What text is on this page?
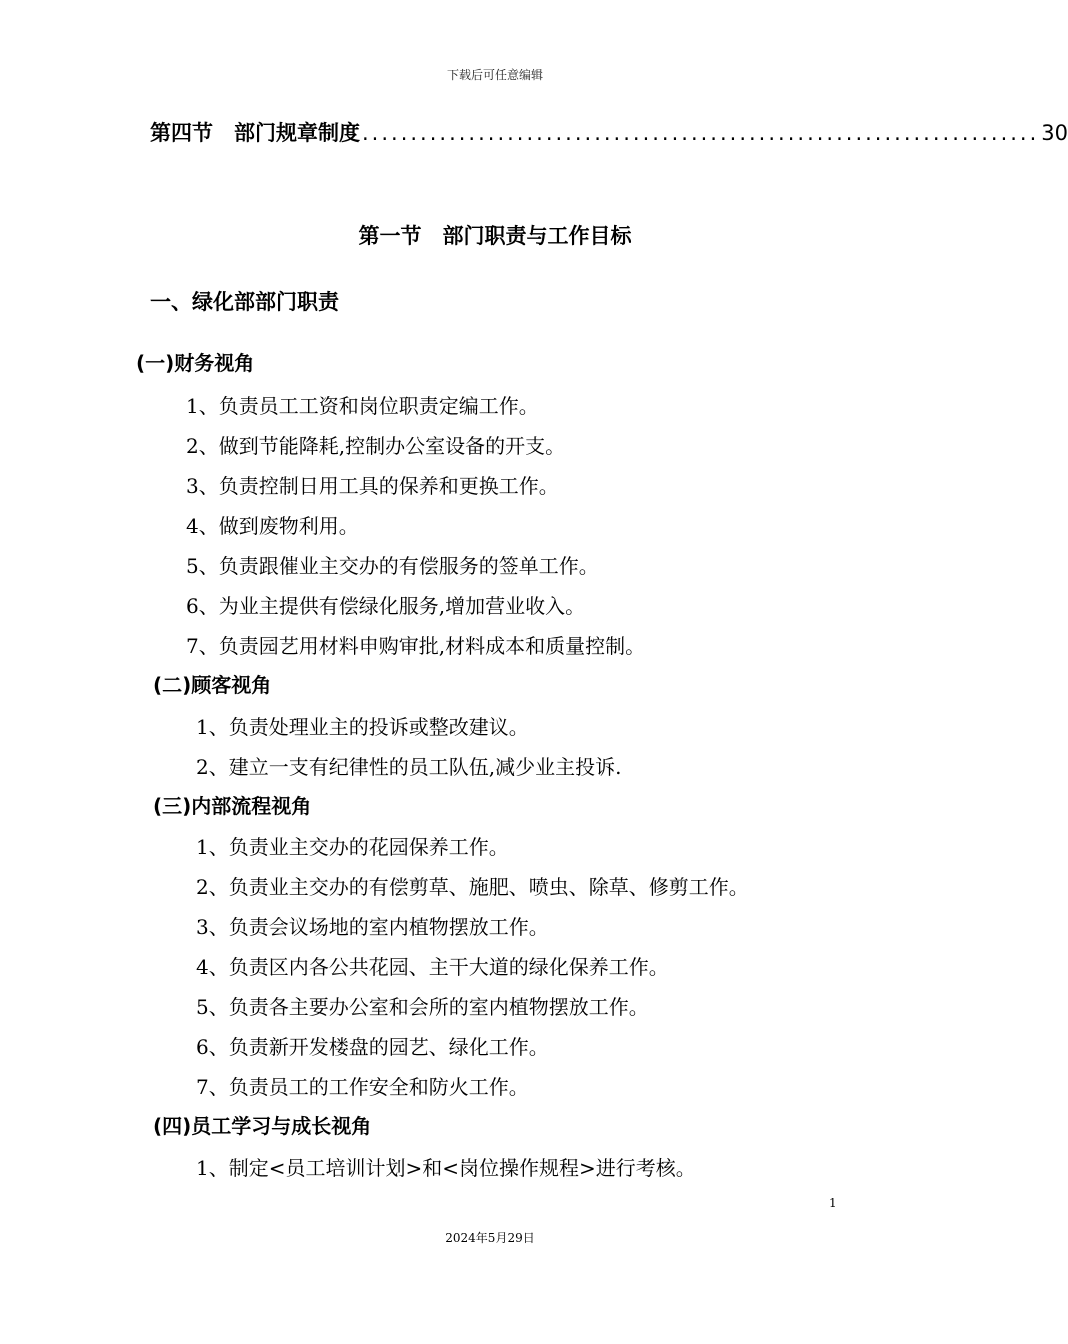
下载后可任意编辑
第四节　部门规章制度 ...................................................................... 30
第一节　部门职责与工作目标
一、绿化部部门职责
(一)财务视角
1、负责员工工资和岗位职责定编工作。
2、做到节能降耗,控制办公室设备的开支。
3、负责控制日用工具的保养和更换工作。
4、做到废物利用。
5、负责跟催业主交办的有偿服务的签单工作。
6、为业主提供有偿绿化服务,增加营业收入。
7、负责园艺用材料申购审批,材料成本和质量控制。
(二)顾客视角
1、负责处理业主的投诉或整改建议。
2、建立一支有纪律性的员工队伍,减少业主投诉.
(三)内部流程视角
1、负责业主交办的花园保养工作。
2、负责业主交办的有偿剪草、施肥、喷虫、除草、修剪工作。
3、负责会议场地的室内植物摆放工作。
4、负责区内各公共花园、主干大道的绿化保养工作。
5、负责各主要办公室和会所的室内植物摆放工作。
6、负责新开发楼盘的园艺、绿化工作。
7、负责员工的工作安全和防火工作。
(四)员工学习与成长视角
1、制定<员工培训计划>和<岗位操作规程>进行考核。
1
2024年5月29日
